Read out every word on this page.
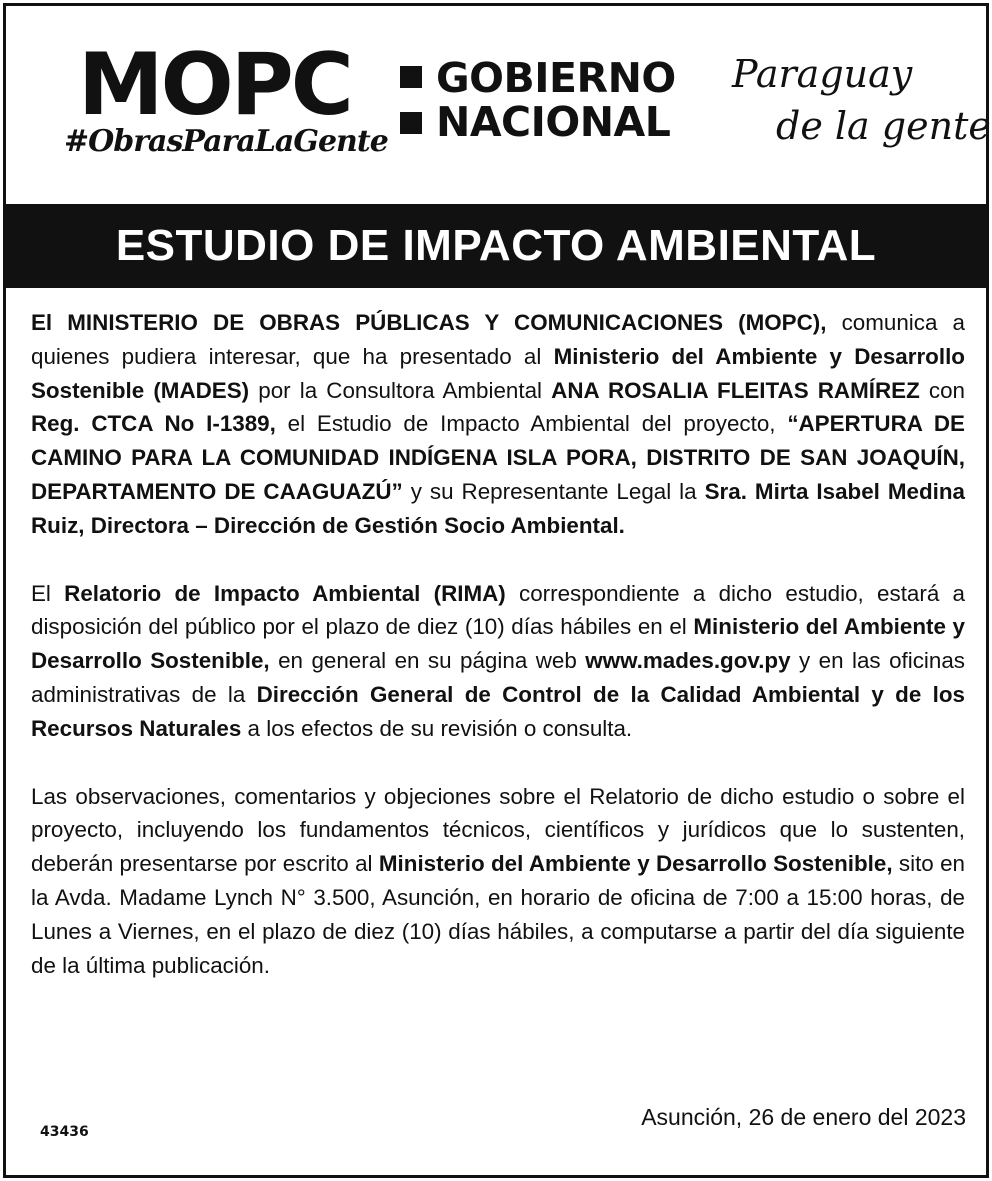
MOPC
#ObrasParaLaGente
GOBIERNO
NACIONAL
Paraguay
de la gente
ESTUDIO DE IMPACTO AMBIENTAL

El MINISTERIO DE OBRAS PÚBLICAS Y COMUNICACIONES (MOPC), comunica a quienes pudiera interesar, que ha presentado al Ministerio del Ambiente y Desarrollo Sostenible (MADES) por la Consultora Ambiental ANA ROSALIA FLEITAS RAMÍREZ con Reg. CTCA No I-1389, el Estudio de Impacto Ambiental del proyecto, “APERTURA DE CAMINO PARA LA COMUNIDAD INDÍGENA ISLA PORA, DISTRITO DE SAN JOAQUÍN, DEPARTAMENTO DE CAAGUAZÚ” y su Representante Legal la Sra. Mirta Isabel Medina Ruiz, Directora – Dirección de Gestión Socio Ambiental.

El Relatorio de Impacto Ambiental (RIMA) correspondiente a dicho estudio, estará a disposición del público por el plazo de diez (10) días hábiles en el Ministerio del Ambiente y Desarrollo Sostenible, en general en su página web www.mades.gov.py y en las oficinas administrativas de la Dirección General de Control de la Calidad Ambiental y de los Recursos Naturales a los efectos de su revisión o consulta.

Las observaciones, comentarios y objeciones sobre el Relatorio de dicho estudio o sobre el proyecto, incluyendo los fundamentos técnicos, científicos y jurídicos que lo sustenten, deberán presentarse por escrito al Ministerio del Ambiente y Desarrollo Sostenible, sito en la Avda. Madame Lynch N° 3.500, Asunción, en horario de oficina de 7:00 a 15:00 horas, de Lunes a Viernes, en el plazo de diez (10) días hábiles, a computarse a partir del día siguiente de la última publicación.

43436
Asunción, 26 de enero del 2023
